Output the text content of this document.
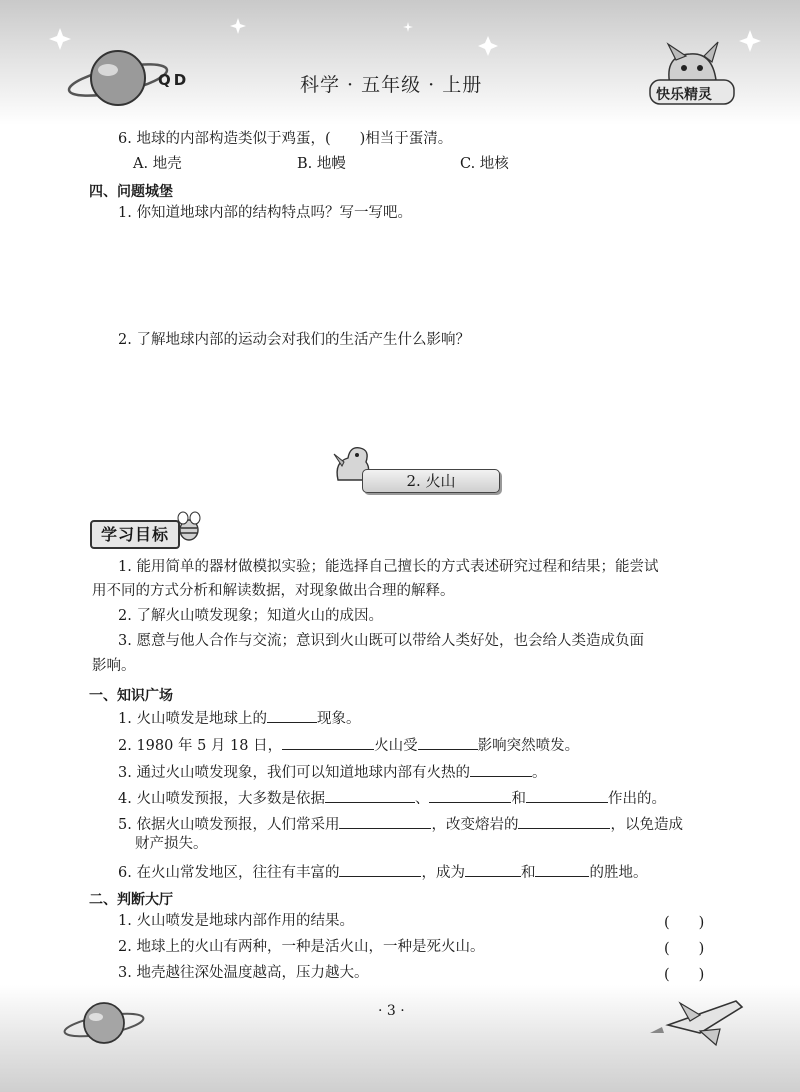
QD	科学 · 五年级 · 上册	快乐精灵
6. 地球的内部构造类似于鸡蛋，(　　)相当于蛋清。
A. 地壳	B. 地幔	C. 地核
四、问题城堡
1. 你知道地球内部的结构特点吗？写一写吧。
2. 了解地球内部的运动会对我们的生活产生什么影响？
2. 火山
学习目标
1. 能用简单的器材做模拟实验；能选择自己擅长的方式表述研究过程和结果；能尝试
用不同的方式分析和解读数据，对现象做出合理的解释。
2. 了解火山喷发现象；知道火山的成因。
3. 愿意与他人合作与交流；意识到火山既可以带给人类好处，也会给人类造成负面
影响。
一、知识广场
1. 火山喷发是地球上的	现象。
2. 1980 年 5 月 18 日，	火山受	影响突然喷发。
3. 通过火山喷发现象，我们可以知道地球内部有火热的	。
4. 火山喷发预报，大多数是依据	、	和	作出的。
5. 依据火山喷发预报，人们常采用	，改变熔岩的	，以免造成
财产损失。
6. 在火山常发地区，往往有丰富的	，成为	和	的胜地。
二、判断大厅
1. 火山喷发是地球内部作用的结果。	(　　)
2. 地球上的火山有两种，一种是活火山，一种是死火山。	(　　)
3. 地壳越往深处温度越高，压力越大。	(　　)
· 3 ·
